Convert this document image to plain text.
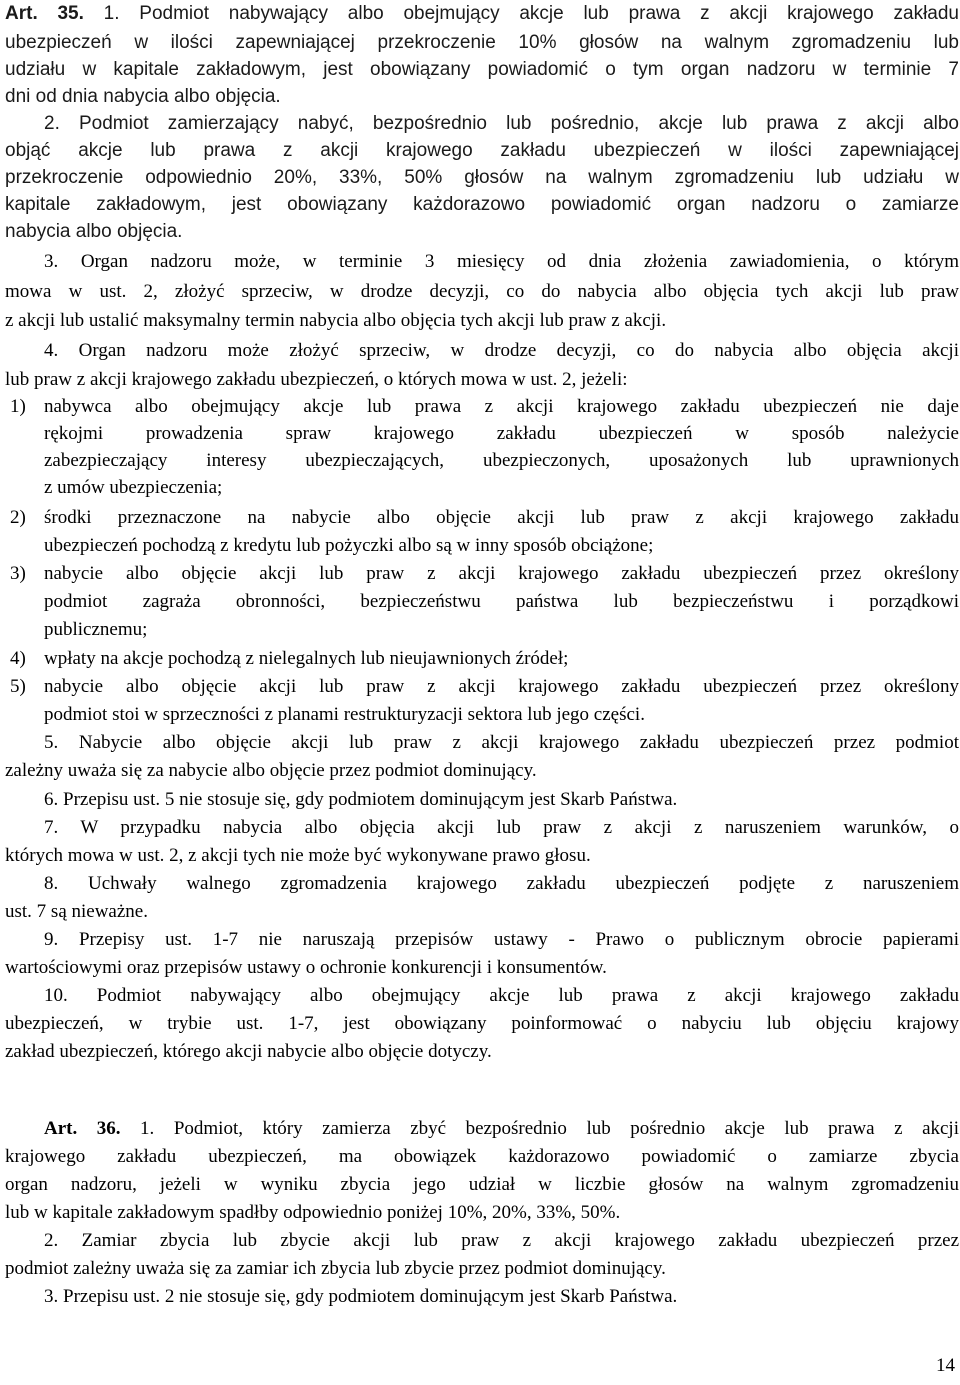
Art. 35. 1. Podmiot nabywający albo obejmujący akcje lub prawa z akcji krajowego zakładu
ubezpieczeń w ilości zapewniającej przekroczenie 10% głosów na walnym zgromadzeniu lub
udziału w kapitale zakładowym, jest obowiązany powiadomić o tym organ nadzoru w terminie 7
dni od dnia nabycia albo objęcia.
2. Podmiot zamierzający nabyć, bezpośrednio lub pośrednio, akcje lub prawa z akcji albo
objąć akcje lub prawa z akcji krajowego zakładu ubezpieczeń w ilości zapewniającej
przekroczenie odpowiednio 20%, 33%, 50% głosów na walnym zgromadzeniu lub udziału w
kapitale zakładowym, jest obowiązany każdorazowo powiadomić organ nadzoru o zamiarze
nabycia albo objęcia.
3. Organ nadzoru może, w terminie 3 miesięcy od dnia złożenia zawiadomienia, o którym
mowa w ust. 2, złożyć sprzeciw, w drodze decyzji, co do nabycia albo objęcia tych akcji lub praw
z akcji lub ustalić maksymalny termin nabycia albo objęcia tych akcji lub praw z akcji.
4. Organ nadzoru może złożyć sprzeciw, w drodze decyzji, co do nabycia albo objęcia akcji
lub praw z akcji krajowego zakładu ubezpieczeń, o których mowa w ust. 2, jeżeli:
1) nabywca albo obejmujący akcje lub prawa z akcji krajowego zakładu ubezpieczeń nie daje
rękojmi prowadzenia spraw krajowego zakładu ubezpieczeń w sposób należycie
zabezpieczający interesy ubezpieczających, ubezpieczonych, uposażonych lub uprawnionych
z umów ubezpieczenia;
2) środki przeznaczone na nabycie albo objęcie akcji lub praw z akcji krajowego zakładu
ubezpieczeń pochodzą z kredytu lub pożyczki albo są w inny sposób obciążone;
3) nabycie albo objęcie akcji lub praw z akcji krajowego zakładu ubezpieczeń przez określony
podmiot zagraża obronności, bezpieczeństwu państwa lub bezpieczeństwu i porządkowi
publicznemu;
4) wpłaty na akcje pochodzą z nielegalnych lub nieujawnionych źródeł;
5) nabycie albo objęcie akcji lub praw z akcji krajowego zakładu ubezpieczeń przez określony
podmiot stoi w sprzeczności z planami restrukturyzacji sektora lub jego części.
5. Nabycie albo objęcie akcji lub praw z akcji krajowego zakładu ubezpieczeń przez podmiot
zależny uważa się za nabycie albo objęcie przez podmiot dominujący.
6. Przepisu ust. 5 nie stosuje się, gdy podmiotem dominującym jest Skarb Państwa.
7. W przypadku nabycia albo objęcia akcji lub praw z akcji z naruszeniem warunków, o
których mowa w ust. 2, z akcji tych nie może być wykonywane prawo głosu.
8. Uchwały walnego zgromadzenia krajowego zakładu ubezpieczeń podjęte z naruszeniem
ust. 7 są nieważne.
9. Przepisy ust. 1-7 nie naruszają przepisów ustawy - Prawo o publicznym obrocie papierami
wartościowymi oraz przepisów ustawy o ochronie konkurencji i konsumentów.
10. Podmiot nabywający albo obejmujący akcje lub prawa z akcji krajowego zakładu
ubezpieczeń, w trybie ust. 1-7, jest obowiązany poinformować o nabyciu lub objęciu krajowy
zakład ubezpieczeń, którego akcji nabycie albo objęcie dotyczy.
Art. 36. 1. Podmiot, który zamierza zbyć bezpośrednio lub pośrednio akcje lub prawa z akcji
krajowego zakładu ubezpieczeń, ma obowiązek każdorazowo powiadomić o zamiarze zbycia
organ nadzoru, jeżeli w wyniku zbycia jego udział w liczbie głosów na walnym zgromadzeniu
lub w kapitale zakładowym spadłby odpowiednio poniżej 10%, 20%, 33%, 50%.
2. Zamiar zbycia lub zbycie akcji lub praw z akcji krajowego zakładu ubezpieczeń przez
podmiot zależny uważa się za zamiar ich zbycia lub zbycie przez podmiot dominujący.
3. Przepisu ust. 2 nie stosuje się, gdy podmiotem dominującym jest Skarb Państwa.
14
